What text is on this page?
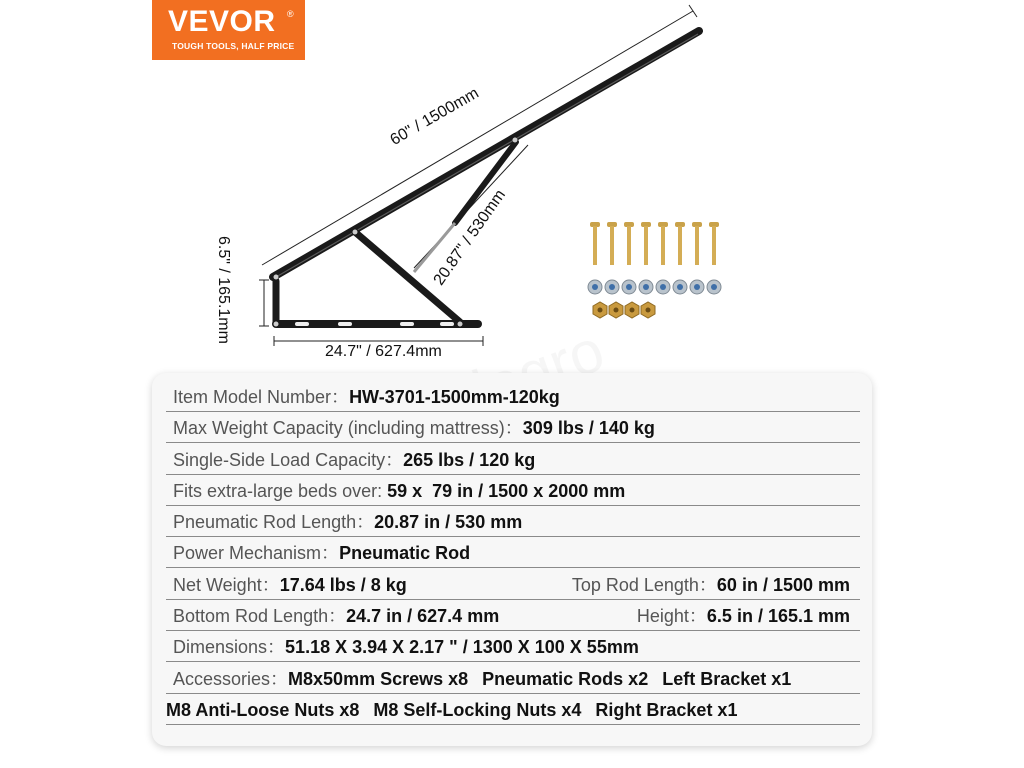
VEVOR ®
TOUGH TOOLS, HALF PRICE
60" / 1500mm
20.87" / 530mm
6.5" / 165.1mm
24.7" / 627.4mm
Item Model Number：HW-3701-1500mm-120kg
Max Weight Capacity (including mattress)：309 lbs / 140 kg
Single-Side Load Capacity：265 lbs / 120 kg
Fits extra-large beds over: 59 x  79 in / 1500 x 2000 mm
Pneumatic Rod Length：20.87 in / 530 mm
Power Mechanism：Pneumatic Rod
Net Weight：17.64 lbs / 8 kg	Top Rod Length：60 in / 1500 mm
Bottom Rod Length：24.7 in / 627.4 mm	Height：6.5 in / 165.1 mm
Dimensions：51.18 X 3.94 X 2.17 " / 1300 X 100 X 55mm
Accessories：M8x50mm Screws x8 Pneumatic Rods x2 Left Bracket x1
M8 Anti-Loose Nuts x8 M8 Self-Locking Nuts x4 Right Bracket x1
